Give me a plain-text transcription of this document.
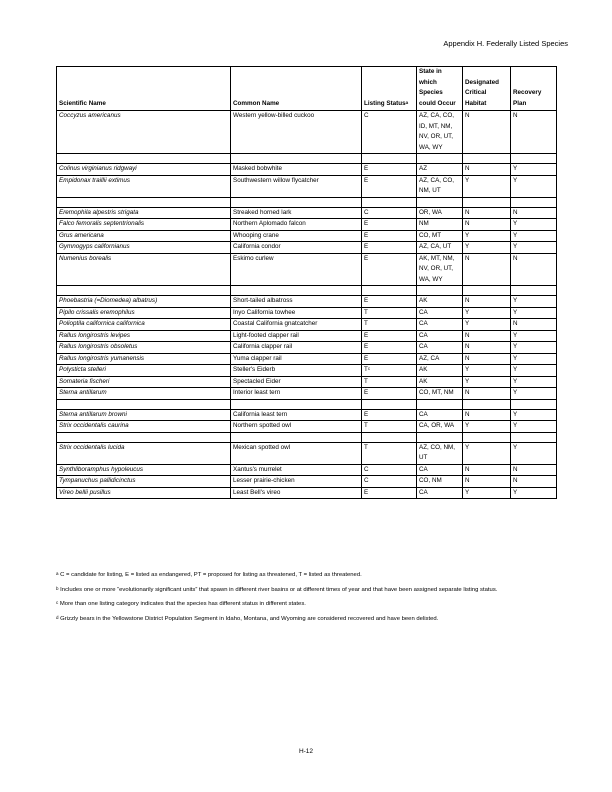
Appendix H. Federally Listed Species
Scientific Name	Common Name	Listing Status$^a$	State in which Species could Occur	Designated Critical Habitat	Recovery Plan
Coccyzus americanus	Western yellow-billed cuckoo	C	AZ, CA, CO, ID, MT, NM, NV, OR, UT, WA, WY	N	N

Colinus virginianus ridgwayi	Masked bobwhite	E	AZ	N	Y
Empidonax traillii extimus	Southwestern willow flycatcher	E	AZ, CA, CO, NM, UT	Y	Y

Eremophila alpestris strigata	Streaked horned lark	C	OR, WA	N	N
Falco femoralis septentrionalis	Northern Aplomado falcon	E	NM	N	Y
Grus americana	Whooping crane	E	CO, MT	Y	Y
Gymnogyps californianus	California condor	E	AZ, CA, UT	Y	Y
Numenius borealis	Eskimo curlew	E	AK, MT, NM, NV, OR, UT, WA, WY	N	N

Phoebastria (=Diomedea) albatrus)	Short-tailed albatross	E	AK	N	Y
Pipilo crissalis eremophilus	Inyo California towhee	T	CA	Y	Y
Polioptila californica californica	Coastal California gnatcatcher	T	CA	Y	N
Rallus longirostris levipes	Light-footed clapper rail	E	CA	N	Y
Rallus longirostris obsoletus	California clapper rail	E	CA	N	Y
Rallus longirostris yumanensis	Yuma clapper rail	E	AZ, CA	N	Y
Polysticta stelleri	Steller's Eiderb	$T^c$	AK	Y	Y
Somateria fischeri	Spectacled Eider	T	AK	Y	Y
Sterna antillarum	Interior least tern	E	CO, MT, NM	N	Y

Sterna antillarum browni	California least tern	E	CA	N	Y
Strix occidentalis caurina	Northern spotted owl	T	CA, OR, WA	Y	Y

Strix occidentalis lucida	Mexican spotted owl	T	AZ, CO, NM, UT	Y	Y
Synthliboramphus hypoleucus	Xantus's murrelet	C	CA	N	N
Tympanuchus pallidicinctus	Lesser prairie-chicken	C	CO, NM	N	N
Vireo bellii pusillus	Least Bell's vireo	E	CA	Y	Y

$^a$ C = candidate for listing, E = listed as endangered, PT = proposed for listing as threatened, T = listed as threatened.

$^b$ Includes one or more “evolutionarily significant units” that spawn in different river basins or at different times of year and that have been assigned separate listing status.

$^c$ More than one listing category indicates that the species has different status in different states.

$^d$ Grizzly bears in the Yellowstone District Population Segment in Idaho, Montana, and Wyoming are considered recovered and have been delisted.

H-12
